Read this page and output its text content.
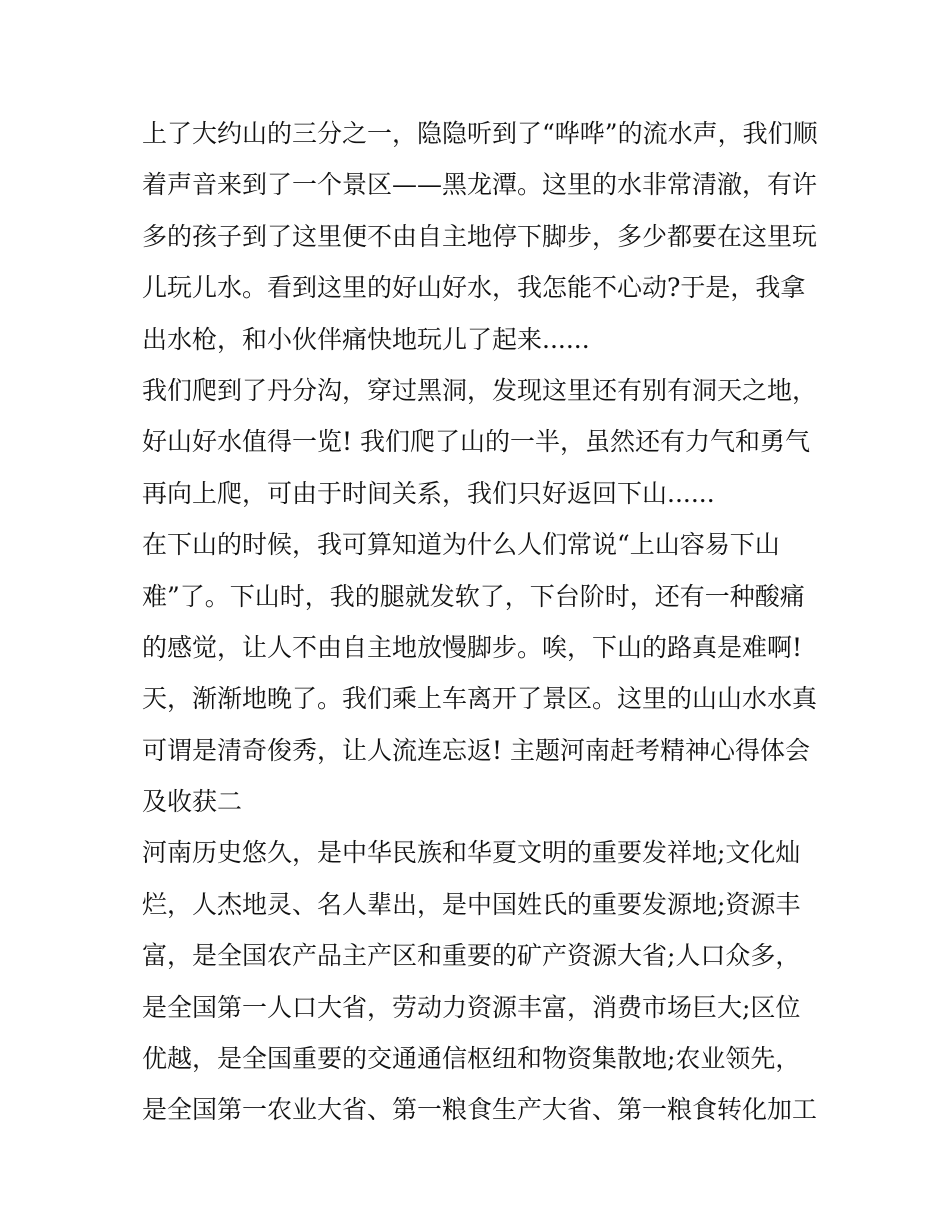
上了大约山的三分之一，隐隐听到了“哗哗”的流水声，我们顺
着声音来到了一个景区——黑龙潭。这里的水非常清澈，有许
多的孩子到了这里便不由自主地停下脚步，多少都要在这里玩
儿玩儿水。看到这里的好山好水，我怎能不心动?于是，我拿
出水枪，和小伙伴痛快地玩儿了起来......
我们爬到了丹分沟，穿过黑洞，发现这里还有别有洞天之地，
好山好水值得一览! 我们爬了山的一半，虽然还有力气和勇气
再向上爬，可由于时间关系，我们只好返回下山......
在下山的时候，我可算知道为什么人们常说“上山容易下山
难”了。下山时，我的腿就发软了，下台阶时，还有一种酸痛
的感觉，让人不由自主地放慢脚步。唉，下山的路真是难啊!
天，渐渐地晚了。我们乘上车离开了景区。这里的山山水水真
可谓是清奇俊秀，让人流连忘返! 主题河南赶考精神心得体会
及收获二
河南历史悠久，是中华民族和华夏文明的重要发祥地;文化灿
烂，人杰地灵、名人辈出，是中国姓氏的重要发源地;资源丰
富，是全国农产品主产区和重要的矿产资源大省;人口众多，
是全国第一人口大省，劳动力资源丰富，消费市场巨大;区位
优越，是全国重要的交通通信枢纽和物资集散地;农业领先，
是全国第一农业大省、第一粮食生产大省、第一粮食转化加工
